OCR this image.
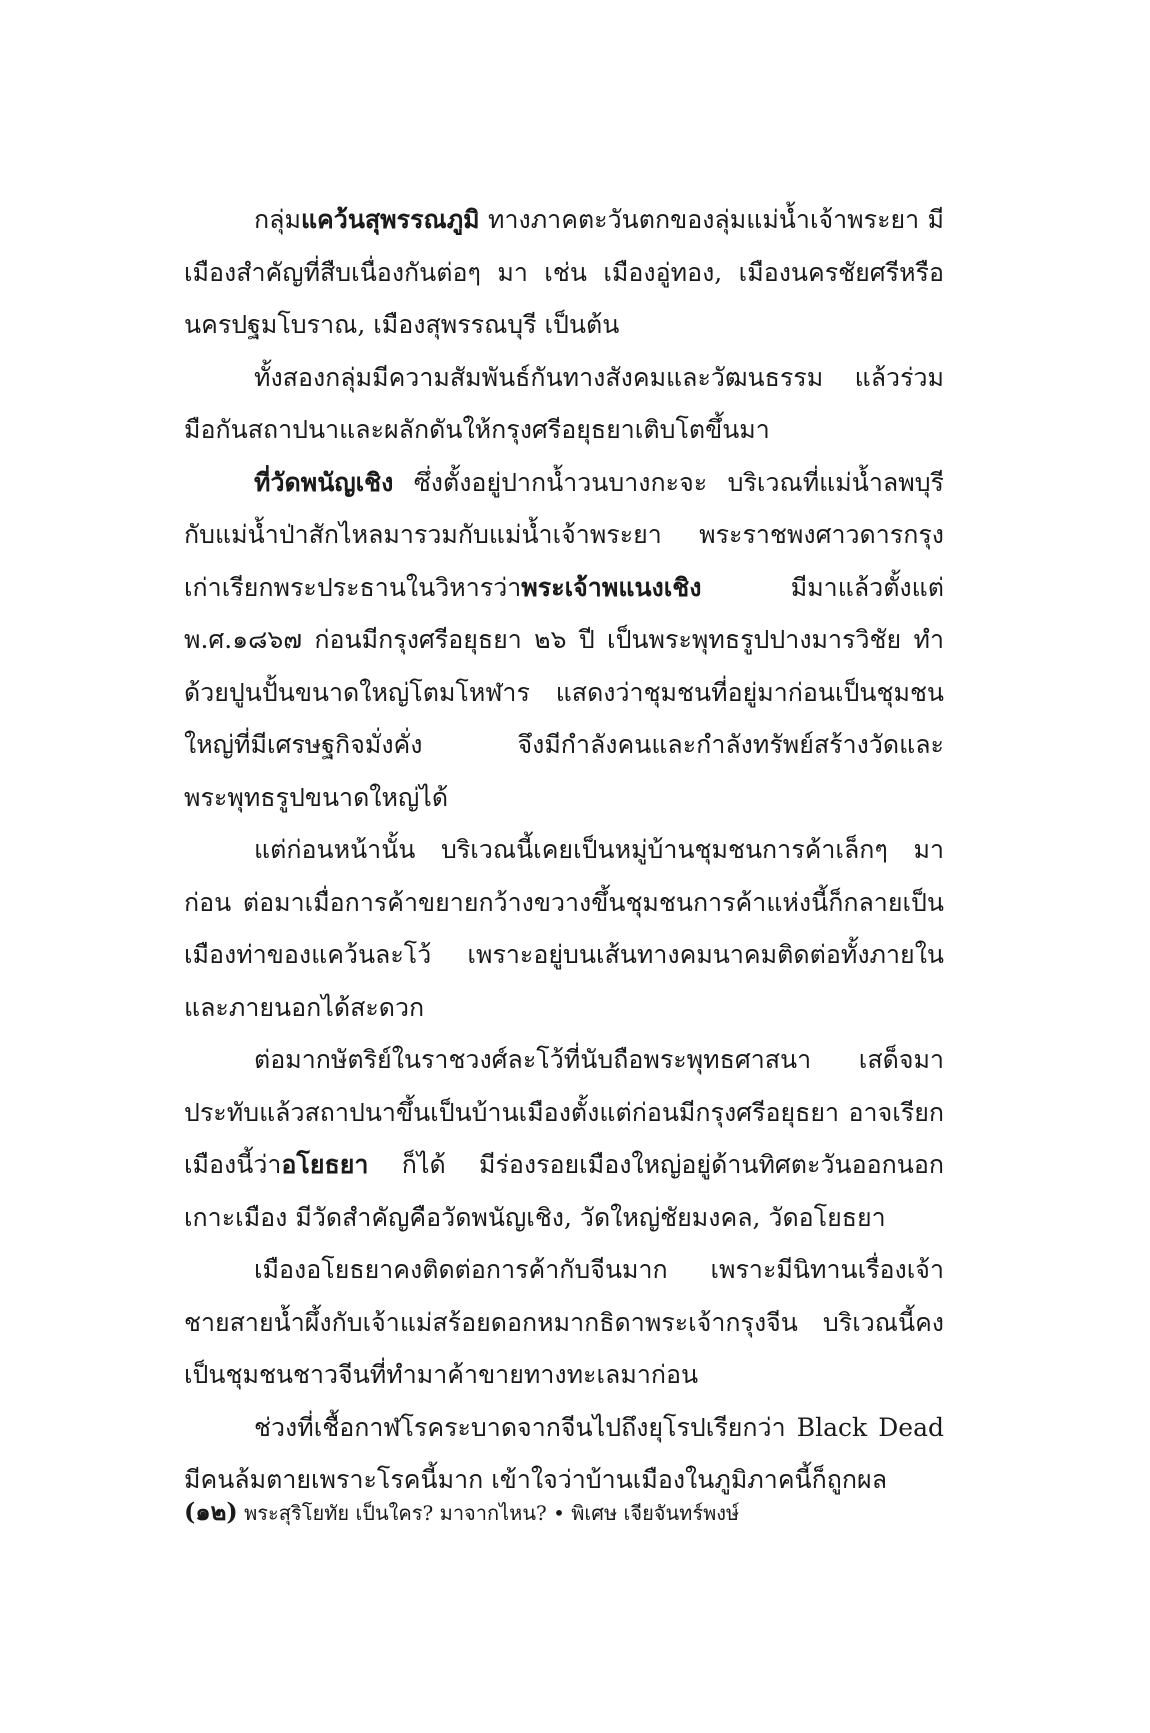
กลุ่มแคว้นสุพรรณภูมิ ทางภาคตะวันตกของลุ่มแม่น้ำเจ้าพระยา มีเมืองสำคัญที่สืบเนื่องกันต่อๆ มา เช่น เมืองอู่ทอง, เมืองนครชัยศรีหรือนครปฐมโบราณ, เมืองสุพรรณบุรี เป็นต้น

ทั้งสองกลุ่มมีความสัมพันธ์กันทางสังคมและวัฒนธรรม แล้วร่วมมือกันสถาปนาและผลักดันให้กรุงศรีอยุธยาเติบโตขึ้นมา

ที่วัดพนัญเชิง ซึ่งตั้งอยู่ปากน้ำวนบางกะจะ บริเวณที่แม่น้ำลพบุรีกับแม่น้ำป่าสักไหลมารวมกับแม่น้ำเจ้าพระยา พระราชพงศาวดารกรุงเก่าเรียกพระประธานในวิหารว่าพระเจ้าพแนงเชิง มีมาแล้วตั้งแต่ พ.ศ.๑๘๖๗ ก่อนมีกรุงศรีอยุธยา ๒๖ ปี เป็นพระพุทธรูปปางมารวิชัย ทำด้วยปูนปั้นขนาดใหญ่โตมโหฬาร แสดงว่าชุมชนที่อยู่มาก่อนเป็นชุมชนใหญ่ที่มีเศรษฐกิจมั่งคั่ง จึงมีกำลังคนและกำลังทรัพย์สร้างวัดและพระพุทธรูปขนาดใหญ่ได้

แต่ก่อนหน้านั้น บริเวณนี้เคยเป็นหมู่บ้านชุมชนการค้าเล็กๆ มาก่อน ต่อมาเมื่อการค้าขยายกว้างขวางขึ้นชุมชนการค้าแห่งนี้ก็กลายเป็นเมืองท่าของแคว้นละโว้ เพราะอยู่บนเส้นทางคมนาคมติดต่อทั้งภายในและภายนอกได้สะดวก

ต่อมากษัตริย์ในราชวงศ์ละโว้ที่นับถือพระพุทธศาสนา เสด็จมาประทับแล้วสถาปนาขึ้นเป็นบ้านเมืองตั้งแต่ก่อนมีกรุงศรีอยุธยา อาจเรียกเมืองนี้ว่าอโยธยา ก็ได้ มีร่องรอยเมืองใหญ่อยู่ด้านทิศตะวันออกนอกเกาะเมือง มีวัดสำคัญคือวัดพนัญเชิง, วัดใหญ่ชัยมงคล, วัดอโยธยา

เมืองอโยธยาคงติดต่อการค้ากับจีนมาก เพราะมีนิทานเรื่องเจ้าชายสายน้ำผึ้งกับเจ้าแม่สร้อยดอกหมากธิดาพระเจ้ากรุงจีน บริเวณนี้คงเป็นชุมชนชาวจีนที่ทำมาค้าขายทางทะเลมาก่อน

ช่วงที่เชื้อกาฬโรคระบาดจากจีนไปถึงยุโรปเรียกว่า Black Dead มีคนล้มตายเพราะโรคนี้มาก เข้าใจว่าบ้านเมืองในภูมิภาคนี้ก็ถูกผล

(๑๒) พระสุริโยทัย เป็นใคร? มาจากไหน? • พิเศษ เจียจันทร์พงษ์
